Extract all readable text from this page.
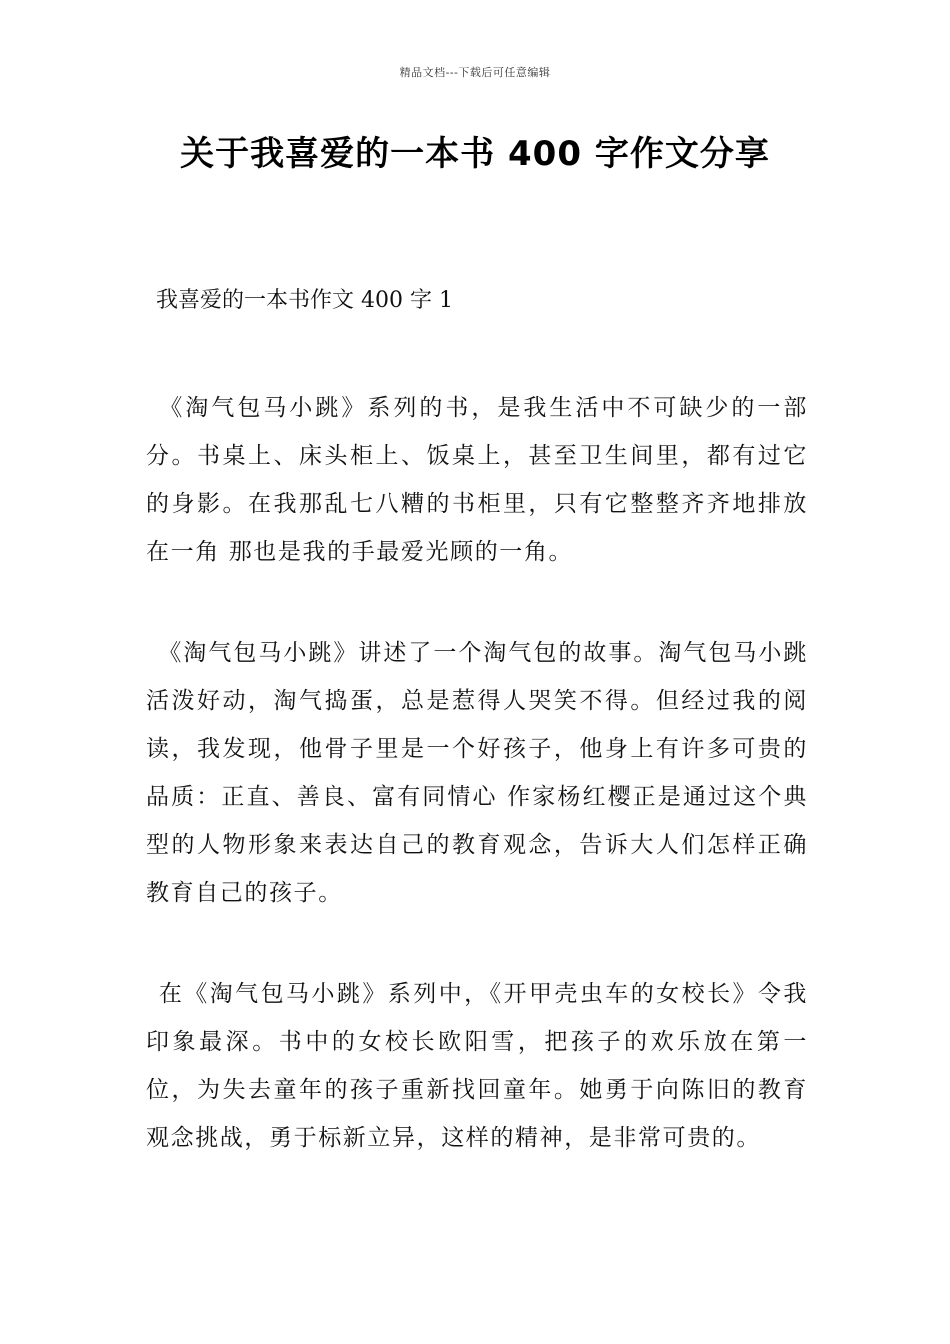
精品文档---下载后可任意编辑
关于我喜爱的一本书 400 字作文分享

我喜爱的一本书作文 400 字 1

《淘气包马小跳》系列的书，是我生活中不可缺少的一部分。书桌上、床头柜上、饭桌上，甚至卫生间里，都有过它的身影。在我那乱七八糟的书柜里，只有它整整齐齐地排放在一角 那也是我的手最爱光顾的一角。

《淘气包马小跳》讲述了一个淘气包的故事。淘气包马小跳活泼好动，淘气捣蛋，总是惹得人哭笑不得。但经过我的阅读，我发现，他骨子里是一个好孩子，他身上有许多可贵的品质：正直、善良、富有同情心 作家杨红樱正是通过这个典型的人物形象来表达自己的教育观念，告诉大人们怎样正确教育自己的孩子。

在《淘气包马小跳》系列中，《开甲壳虫车的女校长》令我印象最深。书中的女校长欧阳雪，把孩子的欢乐放在第一位，为失去童年的孩子重新找回童年。她勇于向陈旧的教育观念挑战，勇于标新立异，这样的精神，是非常可贵的。
